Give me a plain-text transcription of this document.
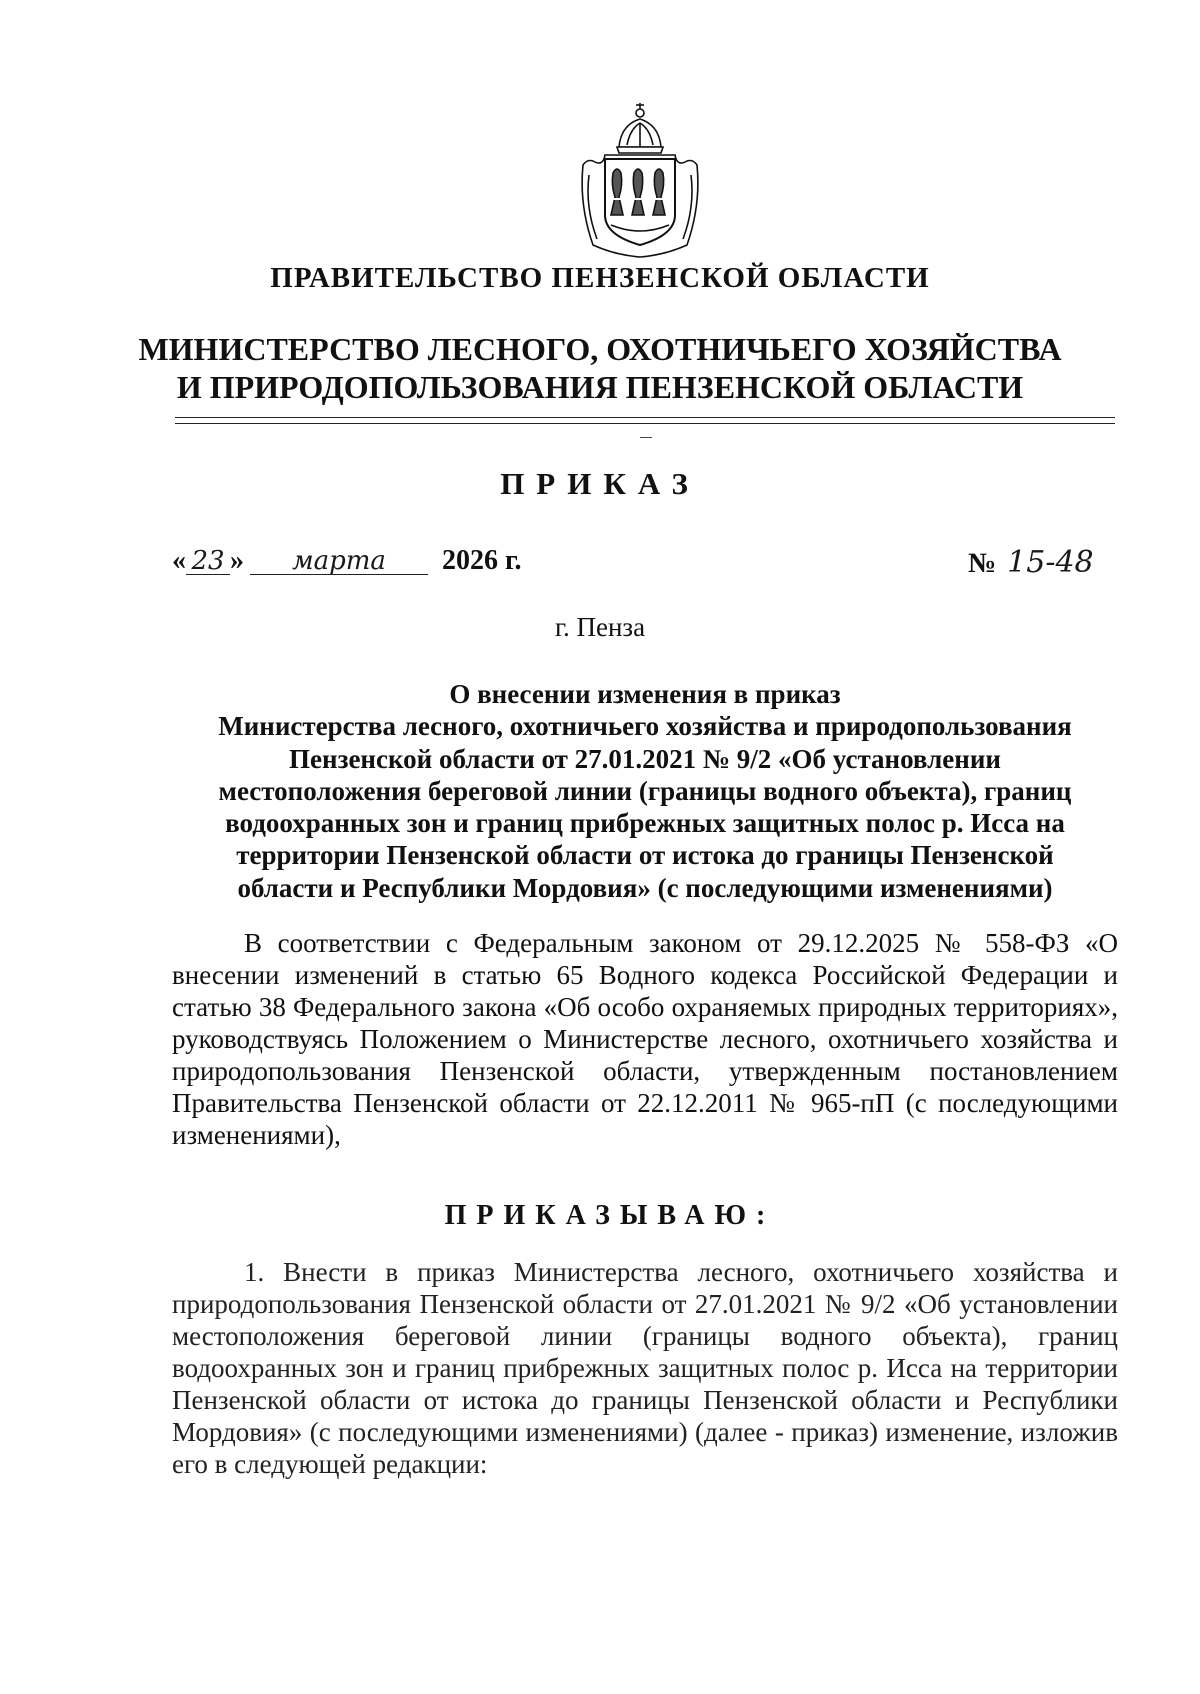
ПРАВИТЕЛЬСТВО ПЕНЗЕНСКОЙ ОБЛАСТИ
МИНИСТЕРСТВО ЛЕСНОГО, ОХОТНИЧЬЕГО ХОЗЯЙСТВА
И ПРИРОДОПОЛЬЗОВАНИЯ ПЕНЗЕНСКОЙ ОБЛАСТИ
ПРИКАЗ
« 23 » марта 2026 г.	№ 15-48
г. Пенза
О внесении изменения в приказ
Министерства лесного, охотничьего хозяйства и природопользования
Пензенской области от 27.01.2021 № 9/2 «Об установлении
местоположения береговой линии (границы водного объекта), границ
водоохранных зон и границ прибрежных защитных полос р. Исса на
территории Пензенской области от истока до границы Пензенской
области и Республики Мордовия» (с последующими изменениями)

В соответствии с Федеральным законом от 29.12.2025 № 558-ФЗ «О внесении изменений в статью 65 Водного кодекса Российской Федерации и статью 38 Федерального закона «Об особо охраняемых природных территориях», руководствуясь Положением о Министерстве лесного, охотничьего хозяйства и природопользования Пензенской области, утвержденным постановлением Правительства Пензенской области от 22.12.2011 № 965-пП (с последующими изменениями),

ПРИКАЗЫВАЮ:

1. Внести в приказ Министерства лесного, охотничьего хозяйства и природопользования Пензенской области от 27.01.2021 № 9/2 «Об установлении местоположения береговой линии (границы водного объекта), границ водоохранных зон и границ прибрежных защитных полос р. Исса на территории Пензенской области от истока до границы Пензенской области и Республики Мордовия» (с последующими изменениями) (далее - приказ) изменение, изложив его в следующей редакции:
